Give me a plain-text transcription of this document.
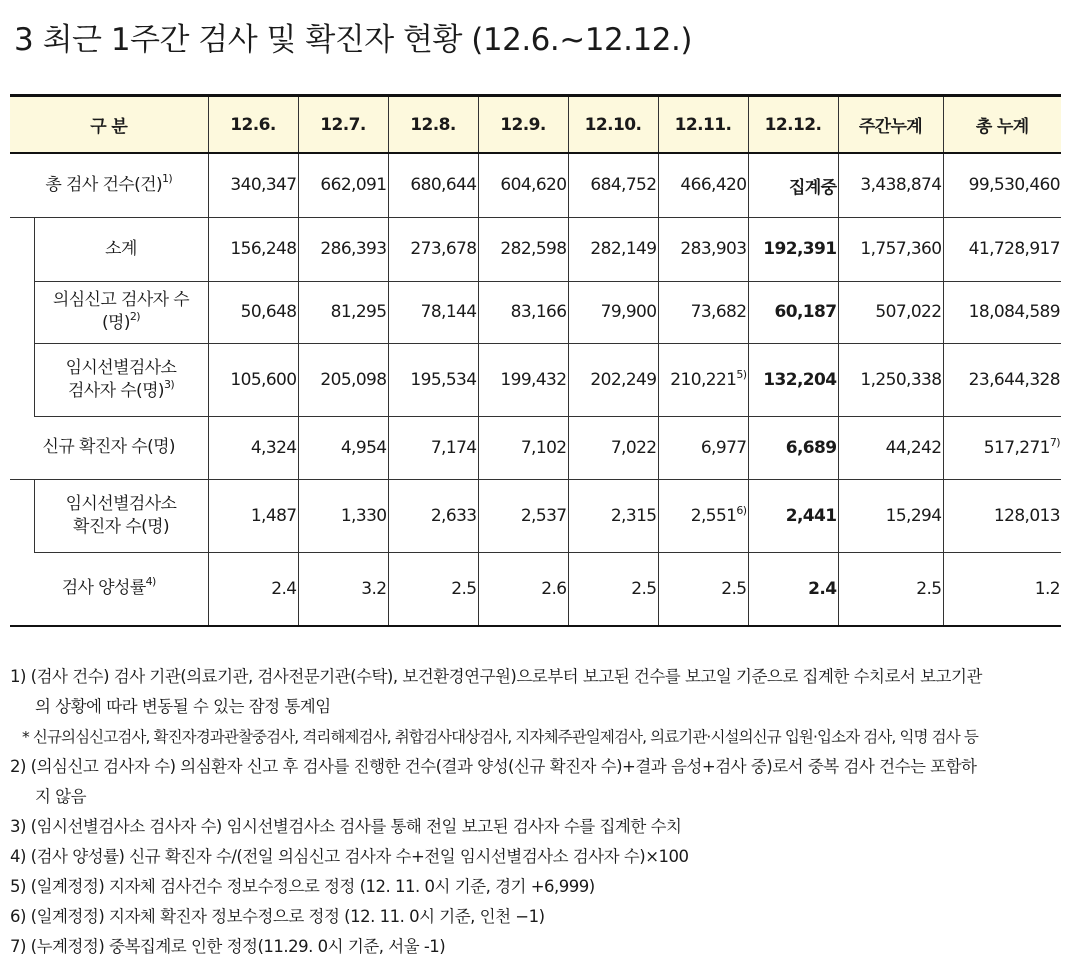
3 최근 1주간 검사 및 확진자 현황 (12.6.~12.12.)
구 분		12.6.	12.7.	12.8.	12.9.	12.10.	12.11.	12.12.	주간누계	총 누계
총 검사 건수(건)$^{1)}$		340,347	662,091	680,644	604,620	684,752	466,420	집계중	3,438,874	99,530,460
	소계	156,248	286,393	273,678	282,598	282,149	283,903	192,391	1,757,360	41,728,917
	의심신고 검사자 수(명)$^{2)}$	50,648	81,295	78,144	83,166	79,900	73,682	60,187	507,022	18,084,589
	임시선별검사소
검사자 수(명)$^{3)}$	105,600	205,098	195,534	199,432	202,249	210,221$^{5)}$	132,204	1,250,338	23,644,328
신규 확진자 수(명)		4,324	4,954	7,174	7,102	7,022	6,977	6,689	44,242	517,271$^{7)}$
	임시선별검사소
확진자 수(명)	1,487	1,330	2,633	2,537	2,315	2,551$^{6)}$	2,441	15,294	128,013
검사 양성률$^{4)}$		2.4	3.2	2.5	2.6	2.5	2.5	2.4	2.5	1.2
1) (검사 건수) 검사 기관(의료기관, 검사전문기관(수탁), 보건환경연구원)으로부터 보고된 건수를 보고일 기준으로 집계한 수치로서 보고기관
의 상황에 따라 변동될 수 있는 잠정 통계임
* 신규의심신고검사, 확진자경과관찰중검사, 격리해제검사, 취합검사대상검사, 지자체주관일제검사, 의료기관·시설의신규 입원·입소자 검사, 익명 검사 등
2) (의심신고 검사자 수) 의심환자 신고 후 검사를 진행한 건수(결과 양성(신규 확진자 수)+결과 음성+검사 중)로서 중복 검사 건수는 포함하
지 않음
3) (임시선별검사소 검사자 수) 임시선별검사소 검사를 통해 전일 보고된 검사자 수를 집계한 수치
4) (검사 양성률) 신규 확진자 수/(전일 의심신고 검사자 수+전일 임시선별검사소 검사자 수)×100
5) (일계정정) 지자체 검사건수 정보수정으로 정정 (12. 11. 0시 기준, 경기 +6,999)
6) (일계정정) 지자체 확진자 정보수정으로 정정 (12. 11. 0시 기준, 인천 −1)
7) (누계정정) 중복집계로 인한 정정(11.29. 0시 기준, 서울 -1)
